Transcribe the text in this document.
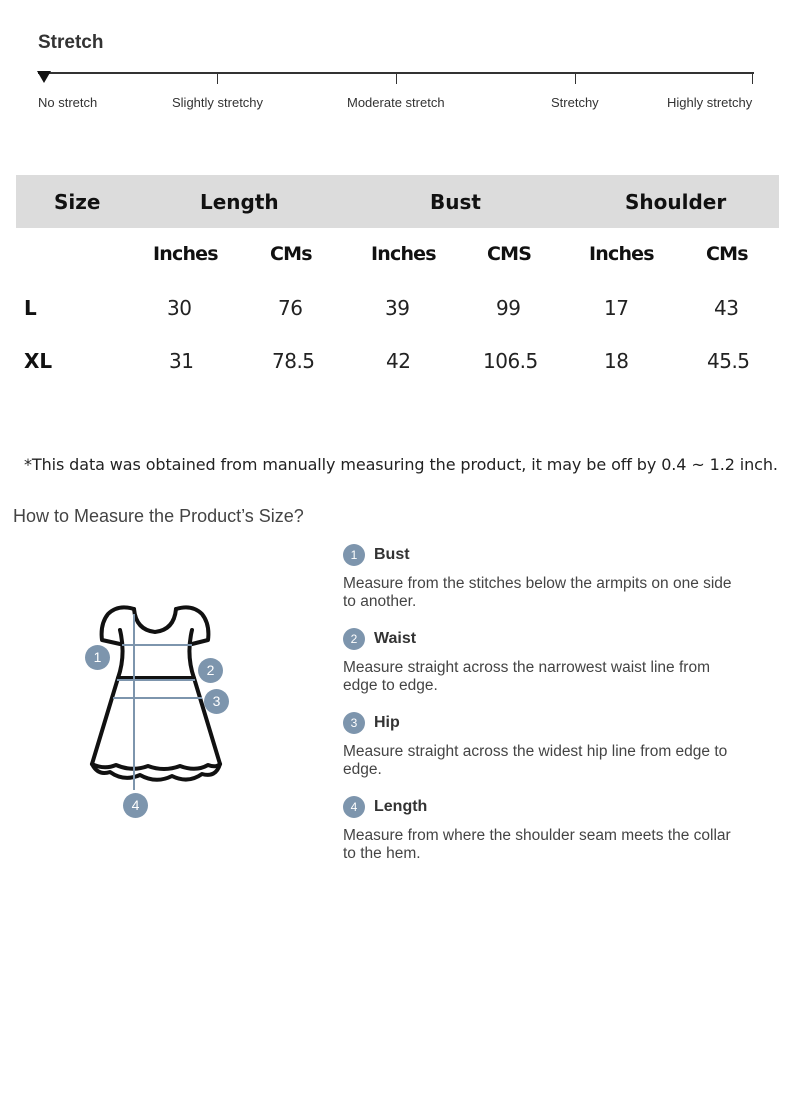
Stretch
No stretch	Slightly stretchy	Moderate stretch	Stretchy	Highly stretchy
Size	Length	Bust	Shoulder
Inches	CMs	Inches	CMS	Inches	CMs
L	30	76	39	99	17	43
XL	31	78.5	42	106.5	18	45.5
*This data was obtained from manually measuring the product, it may be off by 0.4 ~ 1.2 inch.
How to Measure the Product’s Size?
1
2
3
4
1	Bust
Measure from the stitches below the armpits on one side to another.
2	Waist
Measure straight across the narrowest waist line from edge to edge.
3	Hip
Measure straight across the widest hip line from edge to edge.
4	Length
Measure from where the shoulder seam meets the collar to the hem.
